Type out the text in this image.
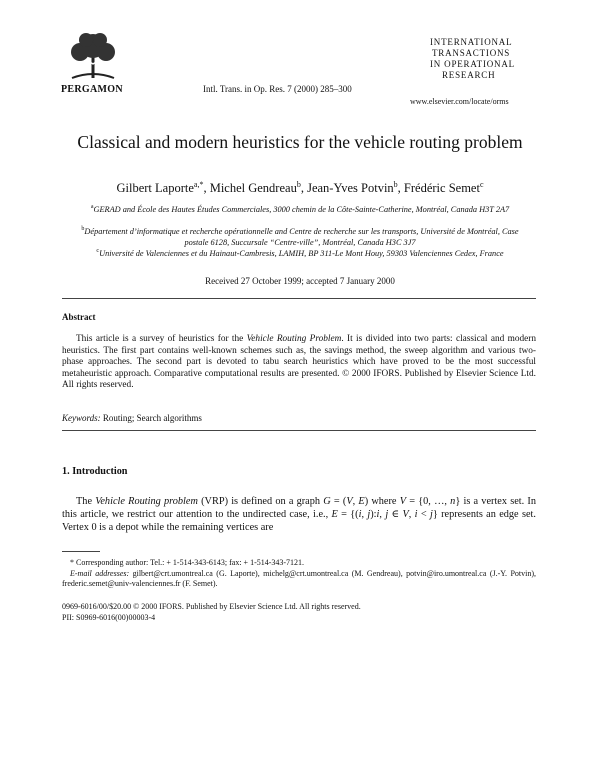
PERGAMON	Intl. Trans. in Op. Res. 7 (2000) 285–300
INTERNATIONAL
TRANSACTIONS
IN OPERATIONAL
RESEARCH
www.elsevier.com/locate/orms
Classical and modern heuristics for the vehicle routing problem
Gilbert Laporte$^{a,*}$, Michel Gendreau$^b$, Jean-Yves Potvin$^b$, Frédéric Semet$^c$
$^a$GERAD and École des Hautes Études Commerciales, 3000 chemin de la Côte-Sainte-Catherine, Montréal, Canada H3T 2A7
$^b$Département d’informatique et recherche opérationnelle and Centre de recherche sur les transports, Université de Montréal, Case postale 6128, Succursale “Centre-ville”, Montréal, Canada H3C 3J7
$^c$Université de Valenciennes et du Hainaut-Cambresis, LAMIH, BP 311-Le Mont Houy, 59303 Valenciennes Cedex, France
Received 27 October 1999; accepted 7 January 2000
Abstract
This article is a survey of heuristics for the Vehicle Routing Problem. It is divided into two parts: classical and modern heuristics. The first part contains well-known schemes such as, the savings method, the sweep algorithm and various two-phase approaches. The second part is devoted to tabu search heuristics which have proved to be the most successful metaheuristic approach. Comparative computational results are presented. © 2000 IFORS. Published by Elsevier Science Ltd. All rights reserved.
Keywords: Routing; Search algorithms
1. Introduction
The Vehicle Routing problem (VRP) is defined on a graph G = (V, E) where V = {0, …, n} is a vertex set. In this article, we restrict our attention to the undirected case, i.e., E = {(i, j):i, j ∈ V, i < j} represents an edge set. Vertex 0 is a depot while the remaining vertices are

* Corresponding author: Tel.: + 1-514-343-6143; fax: + 1-514-343-7121.

E-mail addresses: gilbert@crt.umontreal.ca (G. Laporte), michelg@crt.umontreal.ca (M. Gendreau), potvin@iro.umontreal.ca (J.-Y. Potvin), frederic.semet@univ-valenciennes.fr (F. Semet).

0969-6016/00/$20.00 © 2000 IFORS. Published by Elsevier Science Ltd. All rights reserved.

PII: S0969-6016(00)00003-4
